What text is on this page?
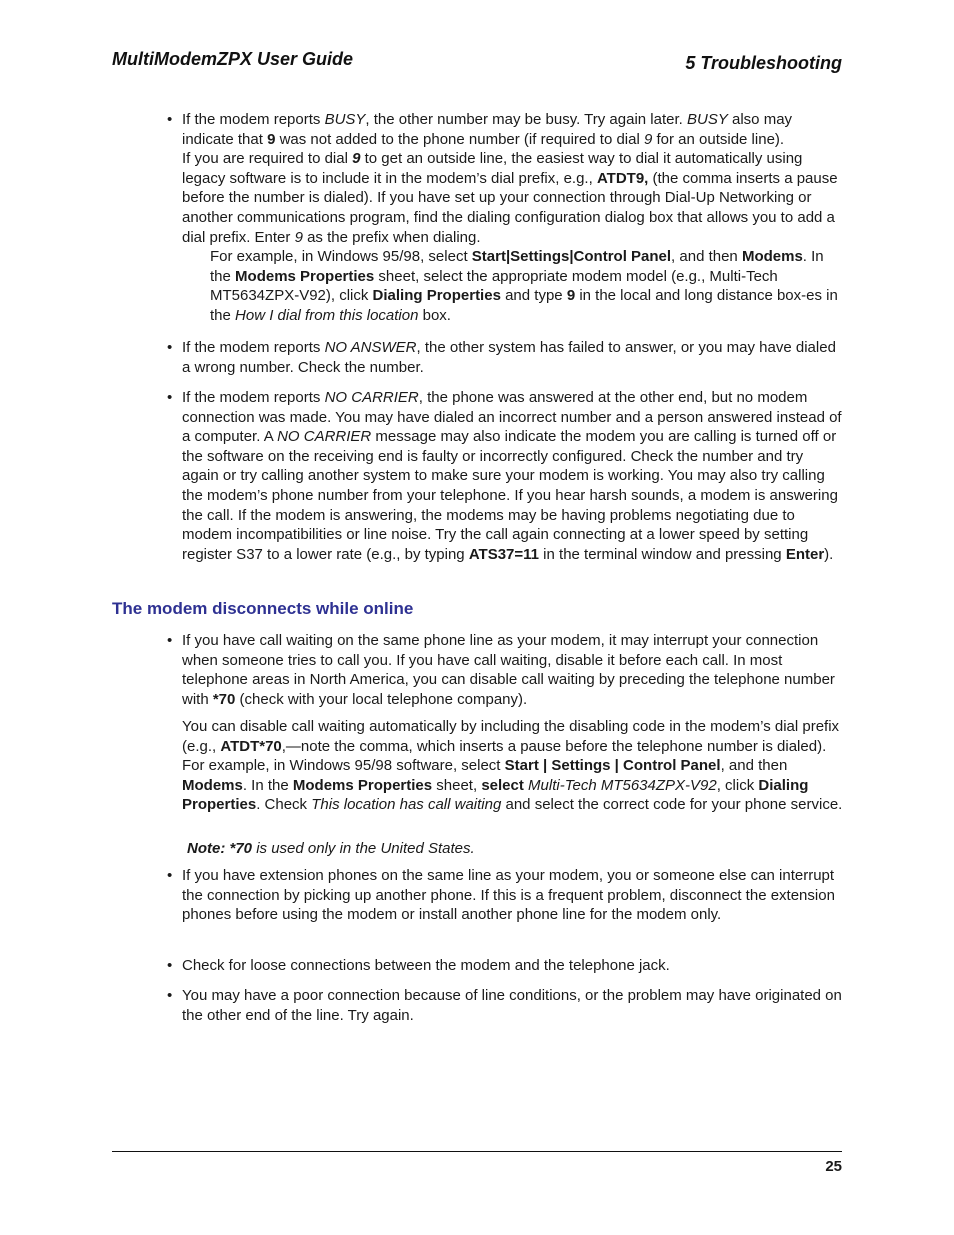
MultiModemZPX User Guide	5 Troubleshooting
• If the modem reports BUSY, the other number may be busy. Try again later. BUSY also may indicate that 9 was not added to the phone number (if required to dial 9 for an outside line).
If you are required to dial 9 to get an outside line, the easiest way to dial it automatically using legacy software is to include it in the modem’s dial prefix, e.g., ATDT9, (the comma inserts a pause before the number is dialed). If you have set up your connection through Dial-Up Networking or another communications program, find the dialing configuration dialog box that allows you to add a dial prefix. Enter 9 as the prefix when dialing.
For example, in Windows 95/98, select Start|Settings|Control Panel, and then Modems. In the Modems Properties sheet, select the appropriate modem model (e.g., Multi-Tech MT5634ZPX-V92), click Dialing Properties and type 9 in the local and long distance box-es in the How I dial from this location box.
• If the modem reports NO ANSWER, the other system has failed to answer, or you may have dialed a wrong number. Check the number.
• If the modem reports NO CARRIER, the phone was answered at the other end, but no modem connection was made. You may have dialed an incorrect number and a person answered instead of a computer. A NO CARRIER message may also indicate the modem you are calling is turned off or the software on the receiving end is faulty or incorrectly configured. Check the number and try again or try calling another system to make sure your modem is working. You may also try calling the modem’s phone number from your telephone. If you hear harsh sounds, a modem is answering the call. If the modem is answering, the modems may be having problems negotiating due to modem incompatibilities or line noise. Try the call again connecting at a lower speed by setting register S37 to a lower rate (e.g., by typing ATS37=11 in the terminal window and pressing Enter).
The modem disconnects while online
• If you have call waiting on the same phone line as your modem, it may interrupt your connection when someone tries to call you. If you have call waiting, disable it before each call. In most telephone areas in North America, you can disable call waiting by preceding the telephone number with *70 (check with your local telephone company).
You can disable call waiting automatically by including the disabling code in the modem’s dial prefix (e.g., ATDT*70,—note the comma, which inserts a pause before the telephone number is dialed). For example, in Windows 95/98 software, select Start | Settings | Control Panel, and then Modems. In the Modems Properties sheet, select Multi-Tech MT5634ZPX-V92, click Dialing Properties. Check This location has call waiting and select the correct code for your phone service.
Note: *70 is used only in the United States.
• If you have extension phones on the same line as your modem, you or someone else can interrupt the connection by picking up another phone. If this is a frequent problem, disconnect the extension phones before using the modem or install another phone line for the modem only.
• Check for loose connections between the modem and the telephone jack.
• You may have a poor connection because of line conditions, or the problem may have originated on the other end of the line. Try again.
25
